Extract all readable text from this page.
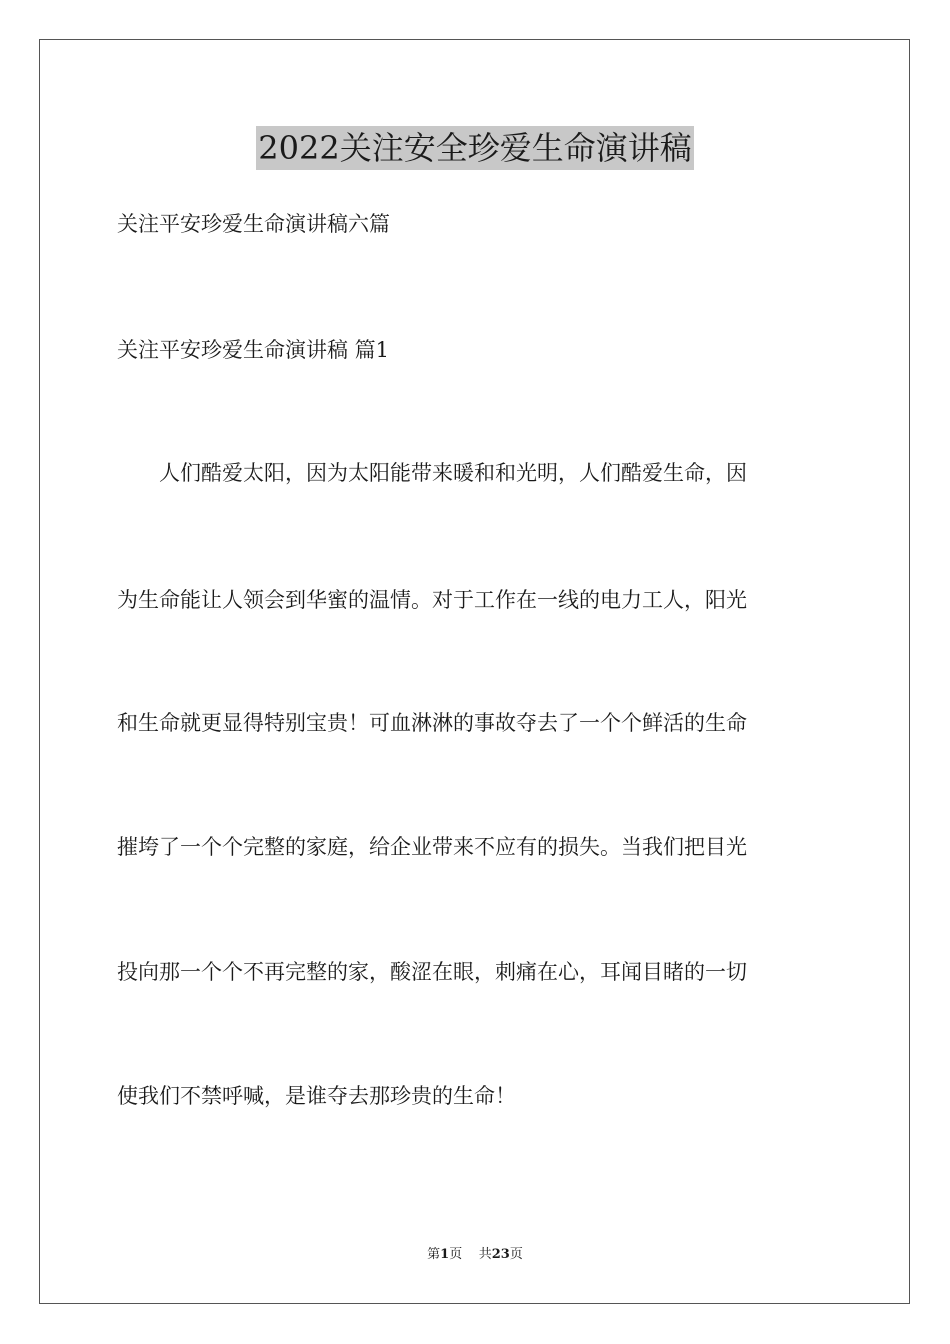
2022关注安全珍爱生命演讲稿
关注平安珍爱生命演讲稿六篇
关注平安珍爱生命演讲稿 篇1
　　人们酷爱太阳，因为太阳能带来暖和和光明，人们酷爱生命，因
为生命能让人领会到华蜜的温情。对于工作在一线的电力工人，阳光
和生命就更显得特别宝贵！可血淋淋的事故夺去了一个个鲜活的生命
摧垮了一个个完整的家庭，给企业带来不应有的损失。当我们把目光
投向那一个个不再完整的家，酸涩在眼，刺痛在心，耳闻目睹的一切
使我们不禁呼喊，是谁夺去那珍贵的生命！
第1页 共23页
